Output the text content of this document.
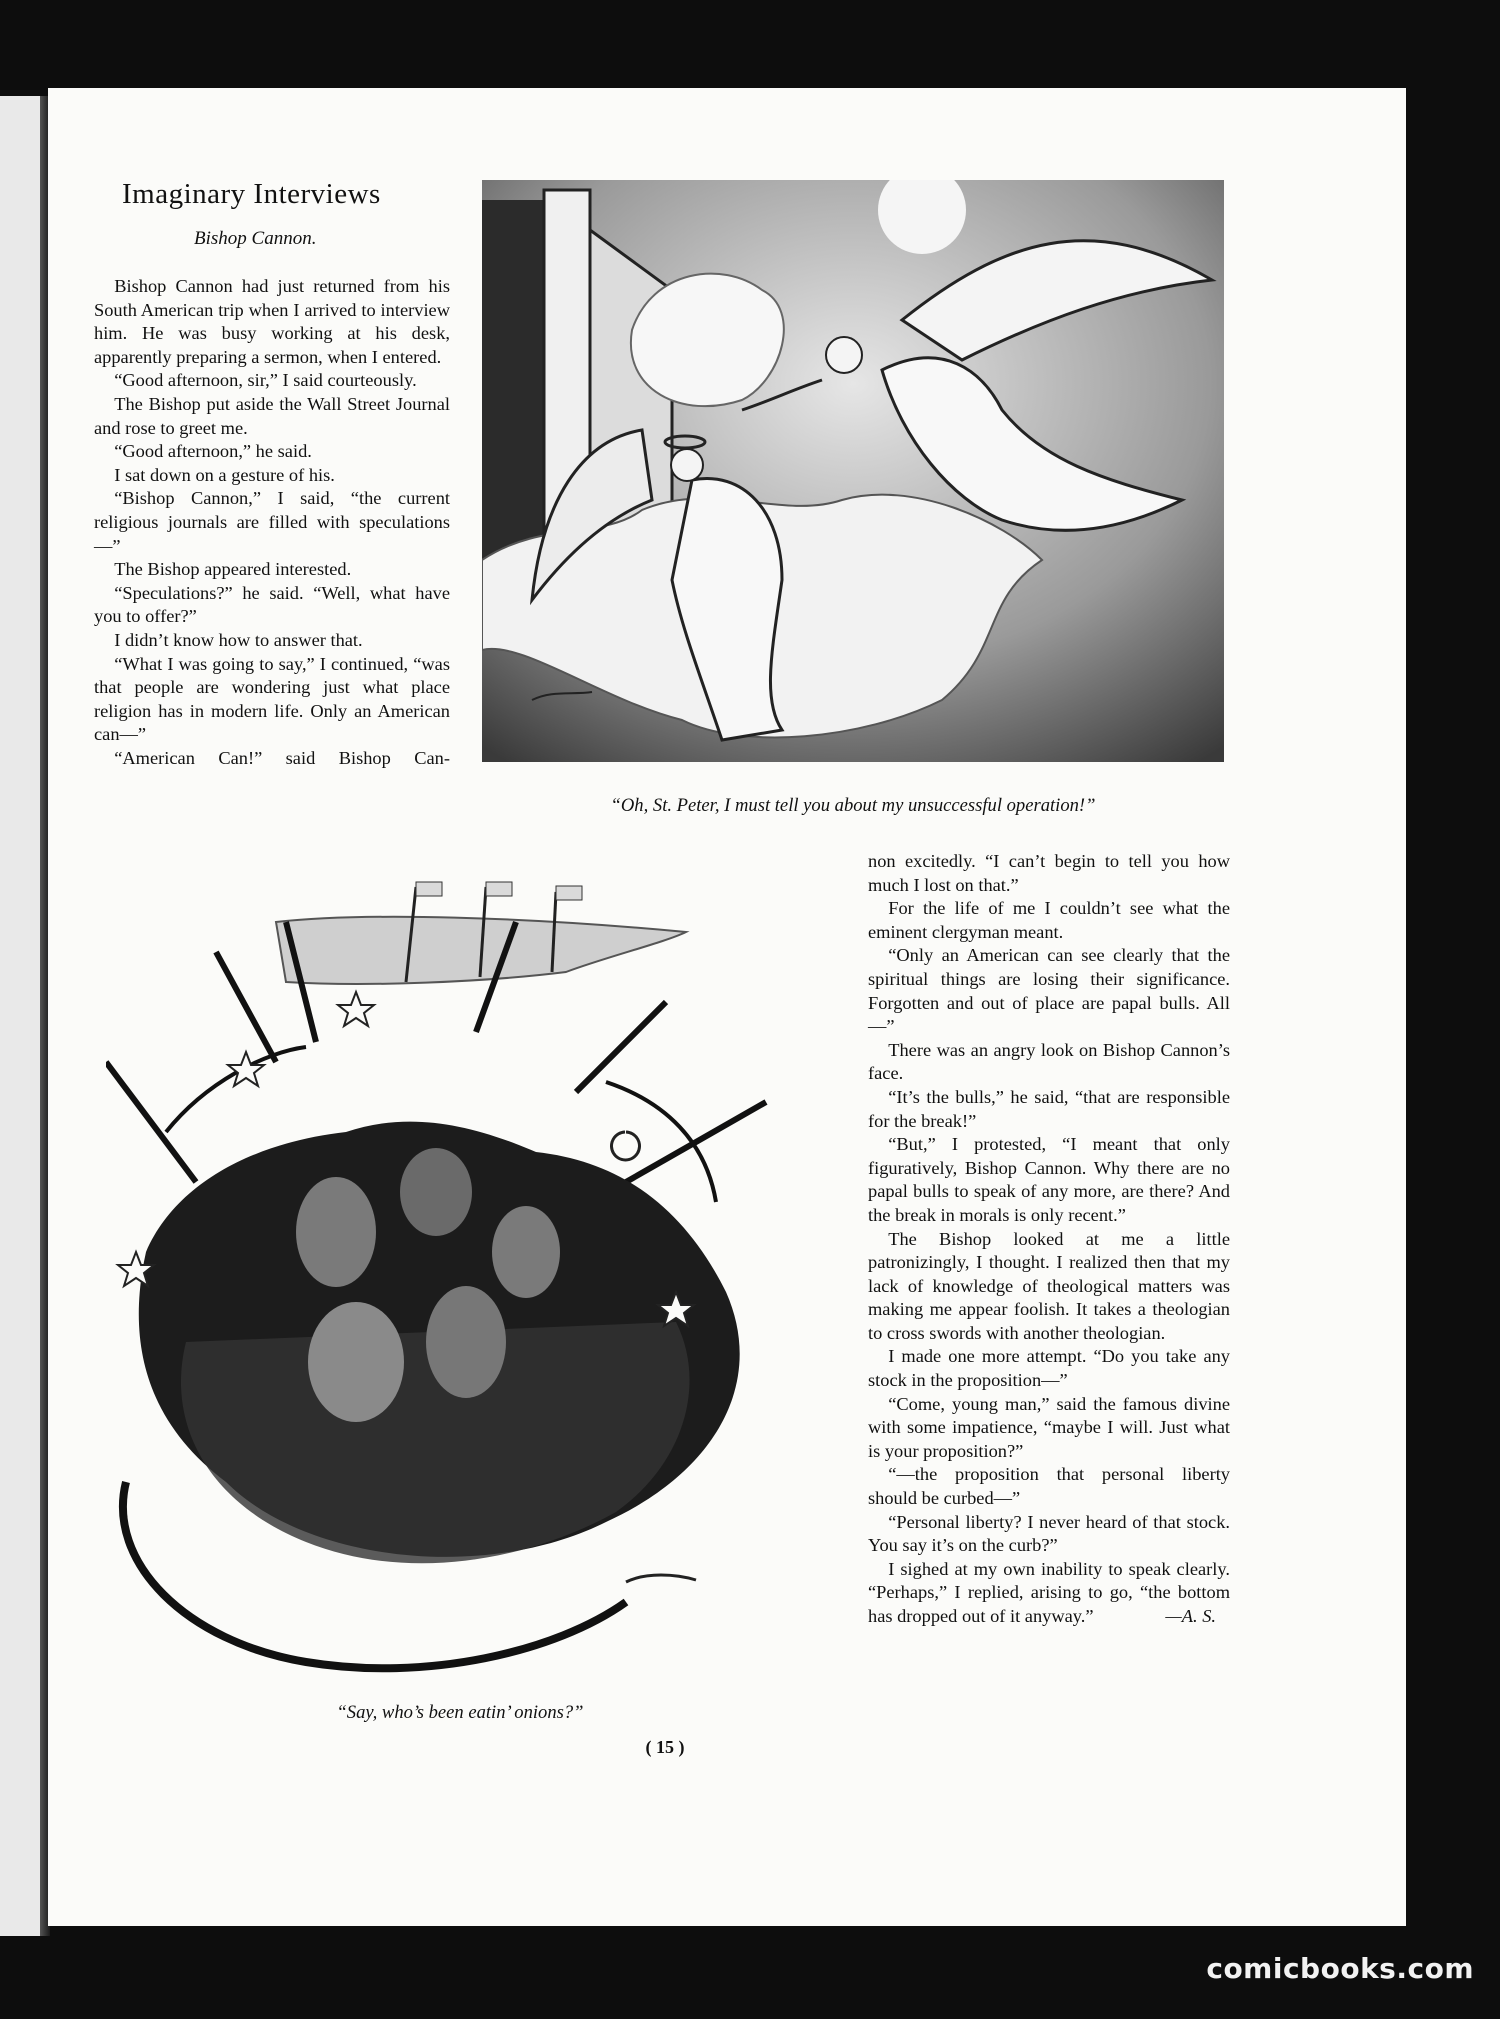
Imaginary Interviews
Bishop Cannon.

Bishop Cannon had just returned from his South American trip when I arrived to interview him. He was busy working at his desk, apparently preparing a sermon, when I entered.

“Good afternoon, sir,” I said courteously.

The Bishop put aside the Wall Street Journal and rose to greet me.

“Good afternoon,” he said.

I sat down on a gesture of his.

“Bishop Cannon,” I said, “the current religious journals are filled with speculations—”

The Bishop appeared interested.

“Speculations?” he said. “Well, what have you to offer?”

I didn’t know how to answer that.

“What I was going to say,” I continued, “was that people are wondering just what place religion has in modern life. Only an American can—”

“American Can!” said Bishop Can-

“Oh, St. Peter, I must tell you about my unsuccessful operation!”

“Say, who’s been eatin’ onions?”

non excitedly. “I can’t begin to tell you how much I lost on that.”

For the life of me I couldn’t see what the eminent clergyman meant.

“Only an American can see clearly that the spiritual things are losing their significance. Forgotten and out of place are papal bulls. All—”

There was an angry look on Bishop Cannon’s face.

“It’s the bulls,” he said, “that are responsible for the break!”

“But,” I protested, “I meant that only figuratively, Bishop Cannon. Why there are no papal bulls to speak of any more, are there? And the break in morals is only recent.”

The Bishop looked at me a little patronizingly, I thought. I realized then that my lack of knowledge of theological matters was making me appear foolish. It takes a theologian to cross swords with another theologian.

I made one more attempt. “Do you take any stock in the proposition—”

“Come, young man,” said the famous divine with some impatience, “maybe I will. Just what is your proposition?”

“—the proposition that personal liberty should be curbed—”

“Personal liberty? I never heard of that stock. You say it’s on the curb?”

I sighed at my own inability to speak clearly. “Perhaps,” I replied, arising to go, “the bottom has dropped out of it anyway.”	—A. S.

( 15 )
comicbooks.com
